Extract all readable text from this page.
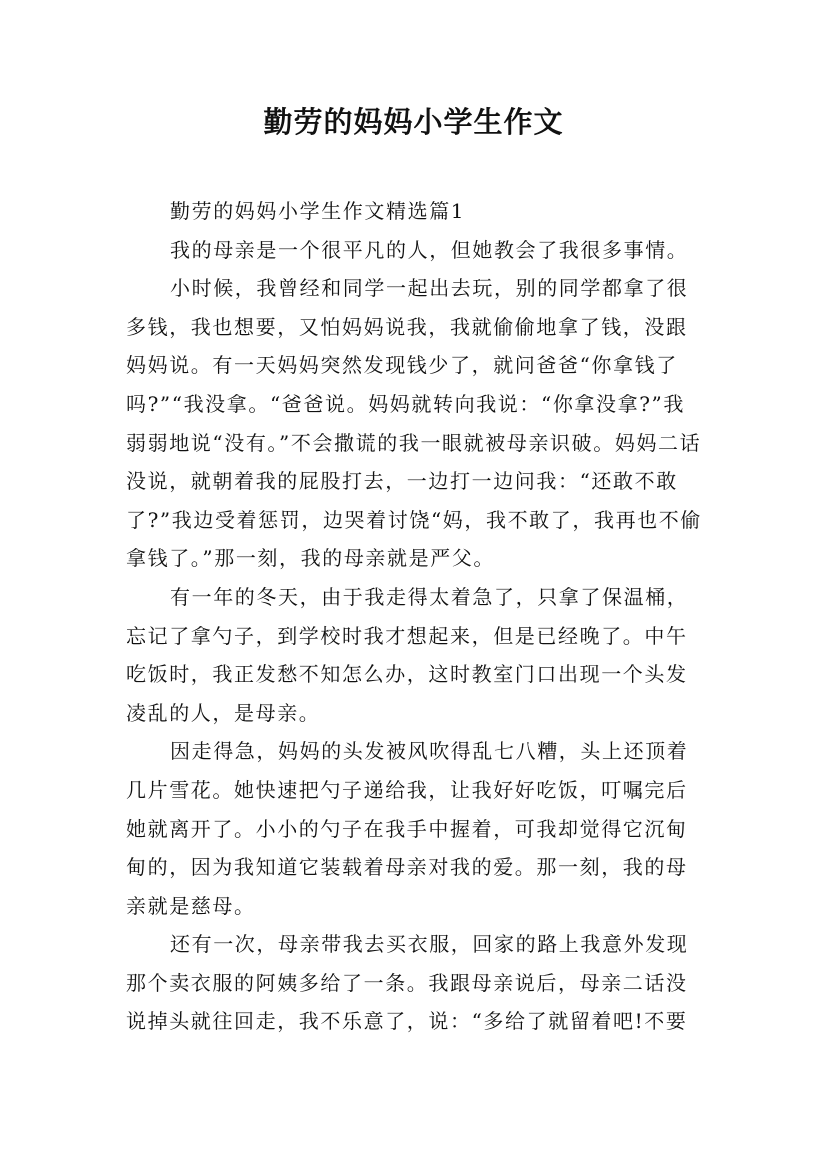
勤劳的妈妈小学生作文

勤劳的妈妈小学生作文精选篇1

我的母亲是一个很平凡的人，但她教会了我很多事情。

小时候，我曾经和同学一起出去玩，别的同学都拿了很多钱，我也想要，又怕妈妈说我，我就偷偷地拿了钱，没跟妈妈说。有一天妈妈突然发现钱少了，就问爸爸“你拿钱了吗?”“我没拿。“爸爸说。妈妈就转向我说：“你拿没拿?”我弱弱地说“没有。”不会撒谎的我一眼就被母亲识破。妈妈二话没说，就朝着我的屁股打去，一边打一边问我：“还敢不敢了?”我边受着惩罚，边哭着讨饶“妈，我不敢了，我再也不偷拿钱了。”那一刻，我的母亲就是严父。

有一年的冬天，由于我走得太着急了，只拿了保温桶，忘记了拿勺子，到学校时我才想起来，但是已经晚了。中午吃饭时，我正发愁不知怎么办，这时教室门口出现一个头发凌乱的人，是母亲。

因走得急，妈妈的头发被风吹得乱七八糟，头上还顶着几片雪花。她快速把勺子递给我，让我好好吃饭，叮嘱完后她就离开了。小小的勺子在我手中握着，可我却觉得它沉甸甸的，因为我知道它装载着母亲对我的爱。那一刻，我的母亲就是慈母。

还有一次，母亲带我去买衣服，回家的路上我意外发现那个卖衣服的阿姨多给了一条。我跟母亲说后，母亲二话没说掉头就往回走，我不乐意了，说：“多给了就留着吧!不要
